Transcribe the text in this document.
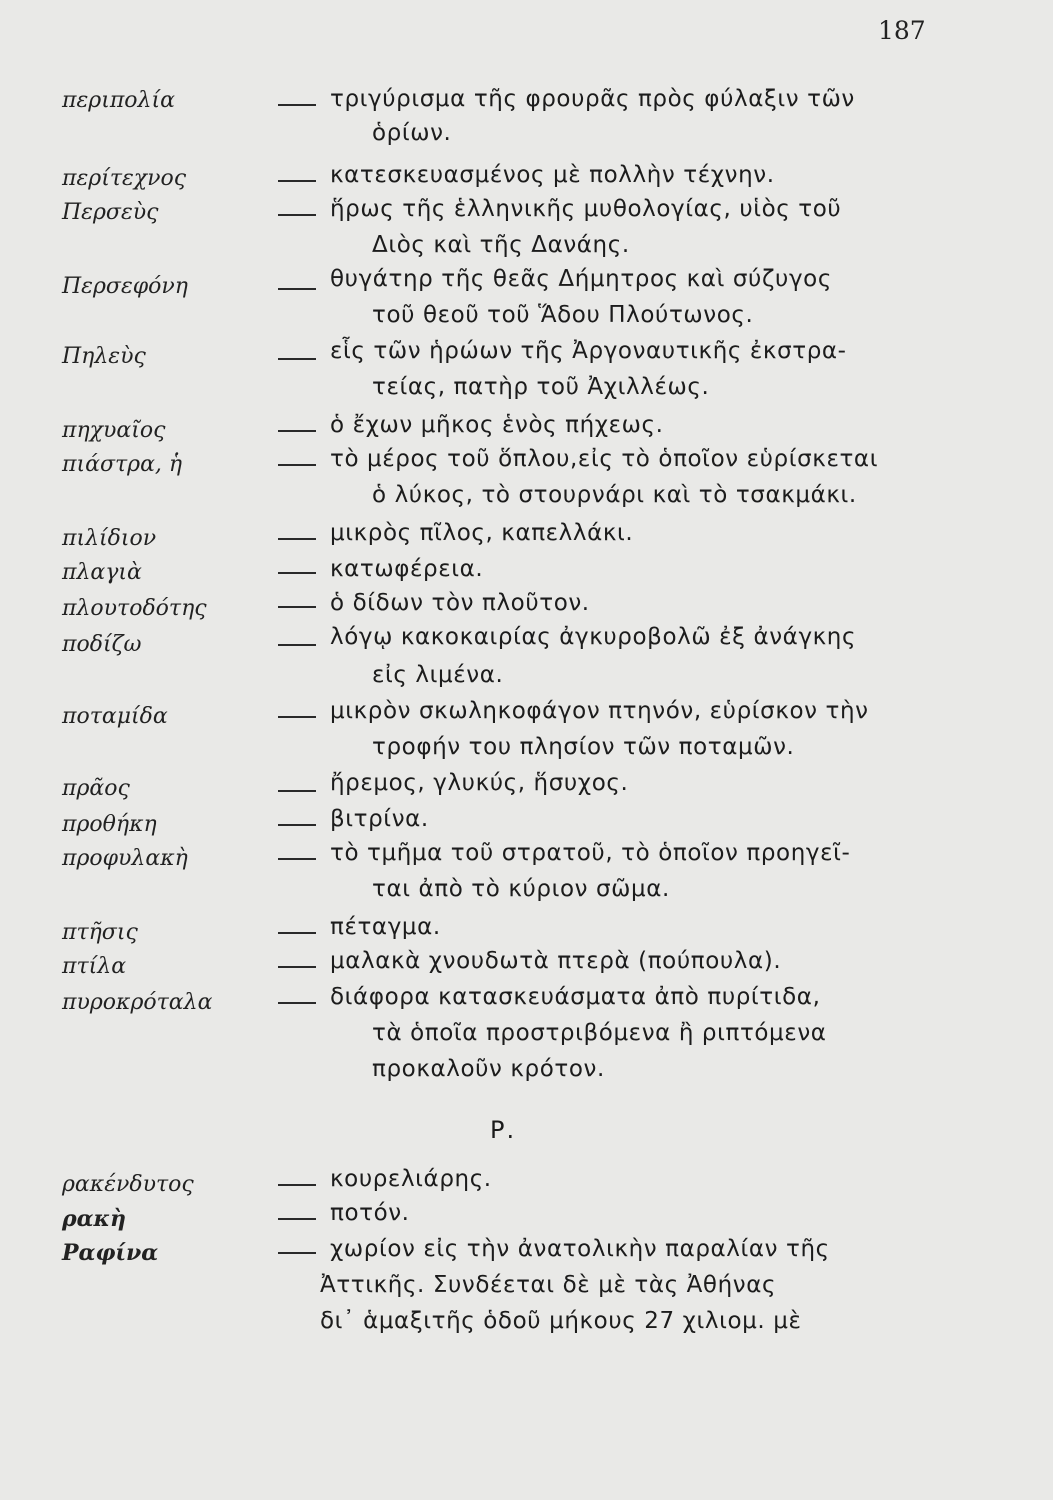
187
περιπολία	τριγύρισμα τῆς φρουρᾶς πρὸς φύλαξιν τῶν
ὁρίων.
περίτεχνος	κατεσκευασμένος μὲ πολλὴν τέχνην.
Περσεὺς	ἥρως τῆς ἑλληνικῆς μυθολογίας, υἱὸς τοῦ
Διὸς καὶ τῆς Δανάης.
Περσεφόνη	θυγάτηρ τῆς θεᾶς Δήμητρος καὶ σύζυγος
τοῦ θεοῦ τοῦ Ἅδου Πλούτωνος.
Πηλεὺς	εἷς τῶν ἡρώων τῆς Ἀργοναυτικῆς ἐκστρα-
τείας, πατὴρ τοῦ Ἀχιλλέως.
πηχυαῖος	ὁ ἔχων μῆκος ἑνὸς πήχεως.
πιάστρα, ἡ	τὸ μέρος τοῦ ὅπλου,εἰς τὸ ὁποῖον εὑρίσκεται
ὁ λύκος, τὸ στουρνάρι καὶ τὸ τσακμάκι.
πιλίδιον	μικρὸς πῖλος, καπελλάκι.
πλαγιὰ	κατωφέρεια.
πλουτοδότης	ὁ δίδων τὸν πλοῦτον.
ποδίζω	λόγῳ κακοκαιρίας ἀγκυροβολῶ ἐξ ἀνάγκης
εἰς λιμένα.
ποταμίδα	μικρὸν σκωληκοφάγον πτηνόν, εὑρίσκον τὴν
τροφήν του πλησίον τῶν ποταμῶν.
πρᾶος	ἤρεμος, γλυκύς, ἥσυχος.
προθήκη	βιτρίνα.
προφυλακὴ	τὸ τμῆμα τοῦ στρατοῦ, τὸ ὁποῖον προηγεῖ-
ται ἀπὸ τὸ κύριον σῶμα.
πτῆσις	πέταγμα.
πτίλα	μαλακὰ χνουδωτὰ πτερὰ (πούπουλα).
πυροκρόταλα	διάφορα κατασκευάσματα ἀπὸ πυρίτιδα,
τὰ ὁποῖα προστριβόμενα ἢ ριπτόμενα
προκαλοῦν κρότον.
Ρ.
ρακένδυτος	κουρελιάρης.
ρακὴ	ποτόν.
Ραφίνα	χωρίον εἰς τὴν ἀνατολικὴν παραλίαν τῆς
Ἀττικῆς. Συνδέεται δὲ μὲ τὰς Ἀθήνας
δι᾿ ἁμαξιτῆς ὁδοῦ μήκους 27 χιλιομ. μὲ
